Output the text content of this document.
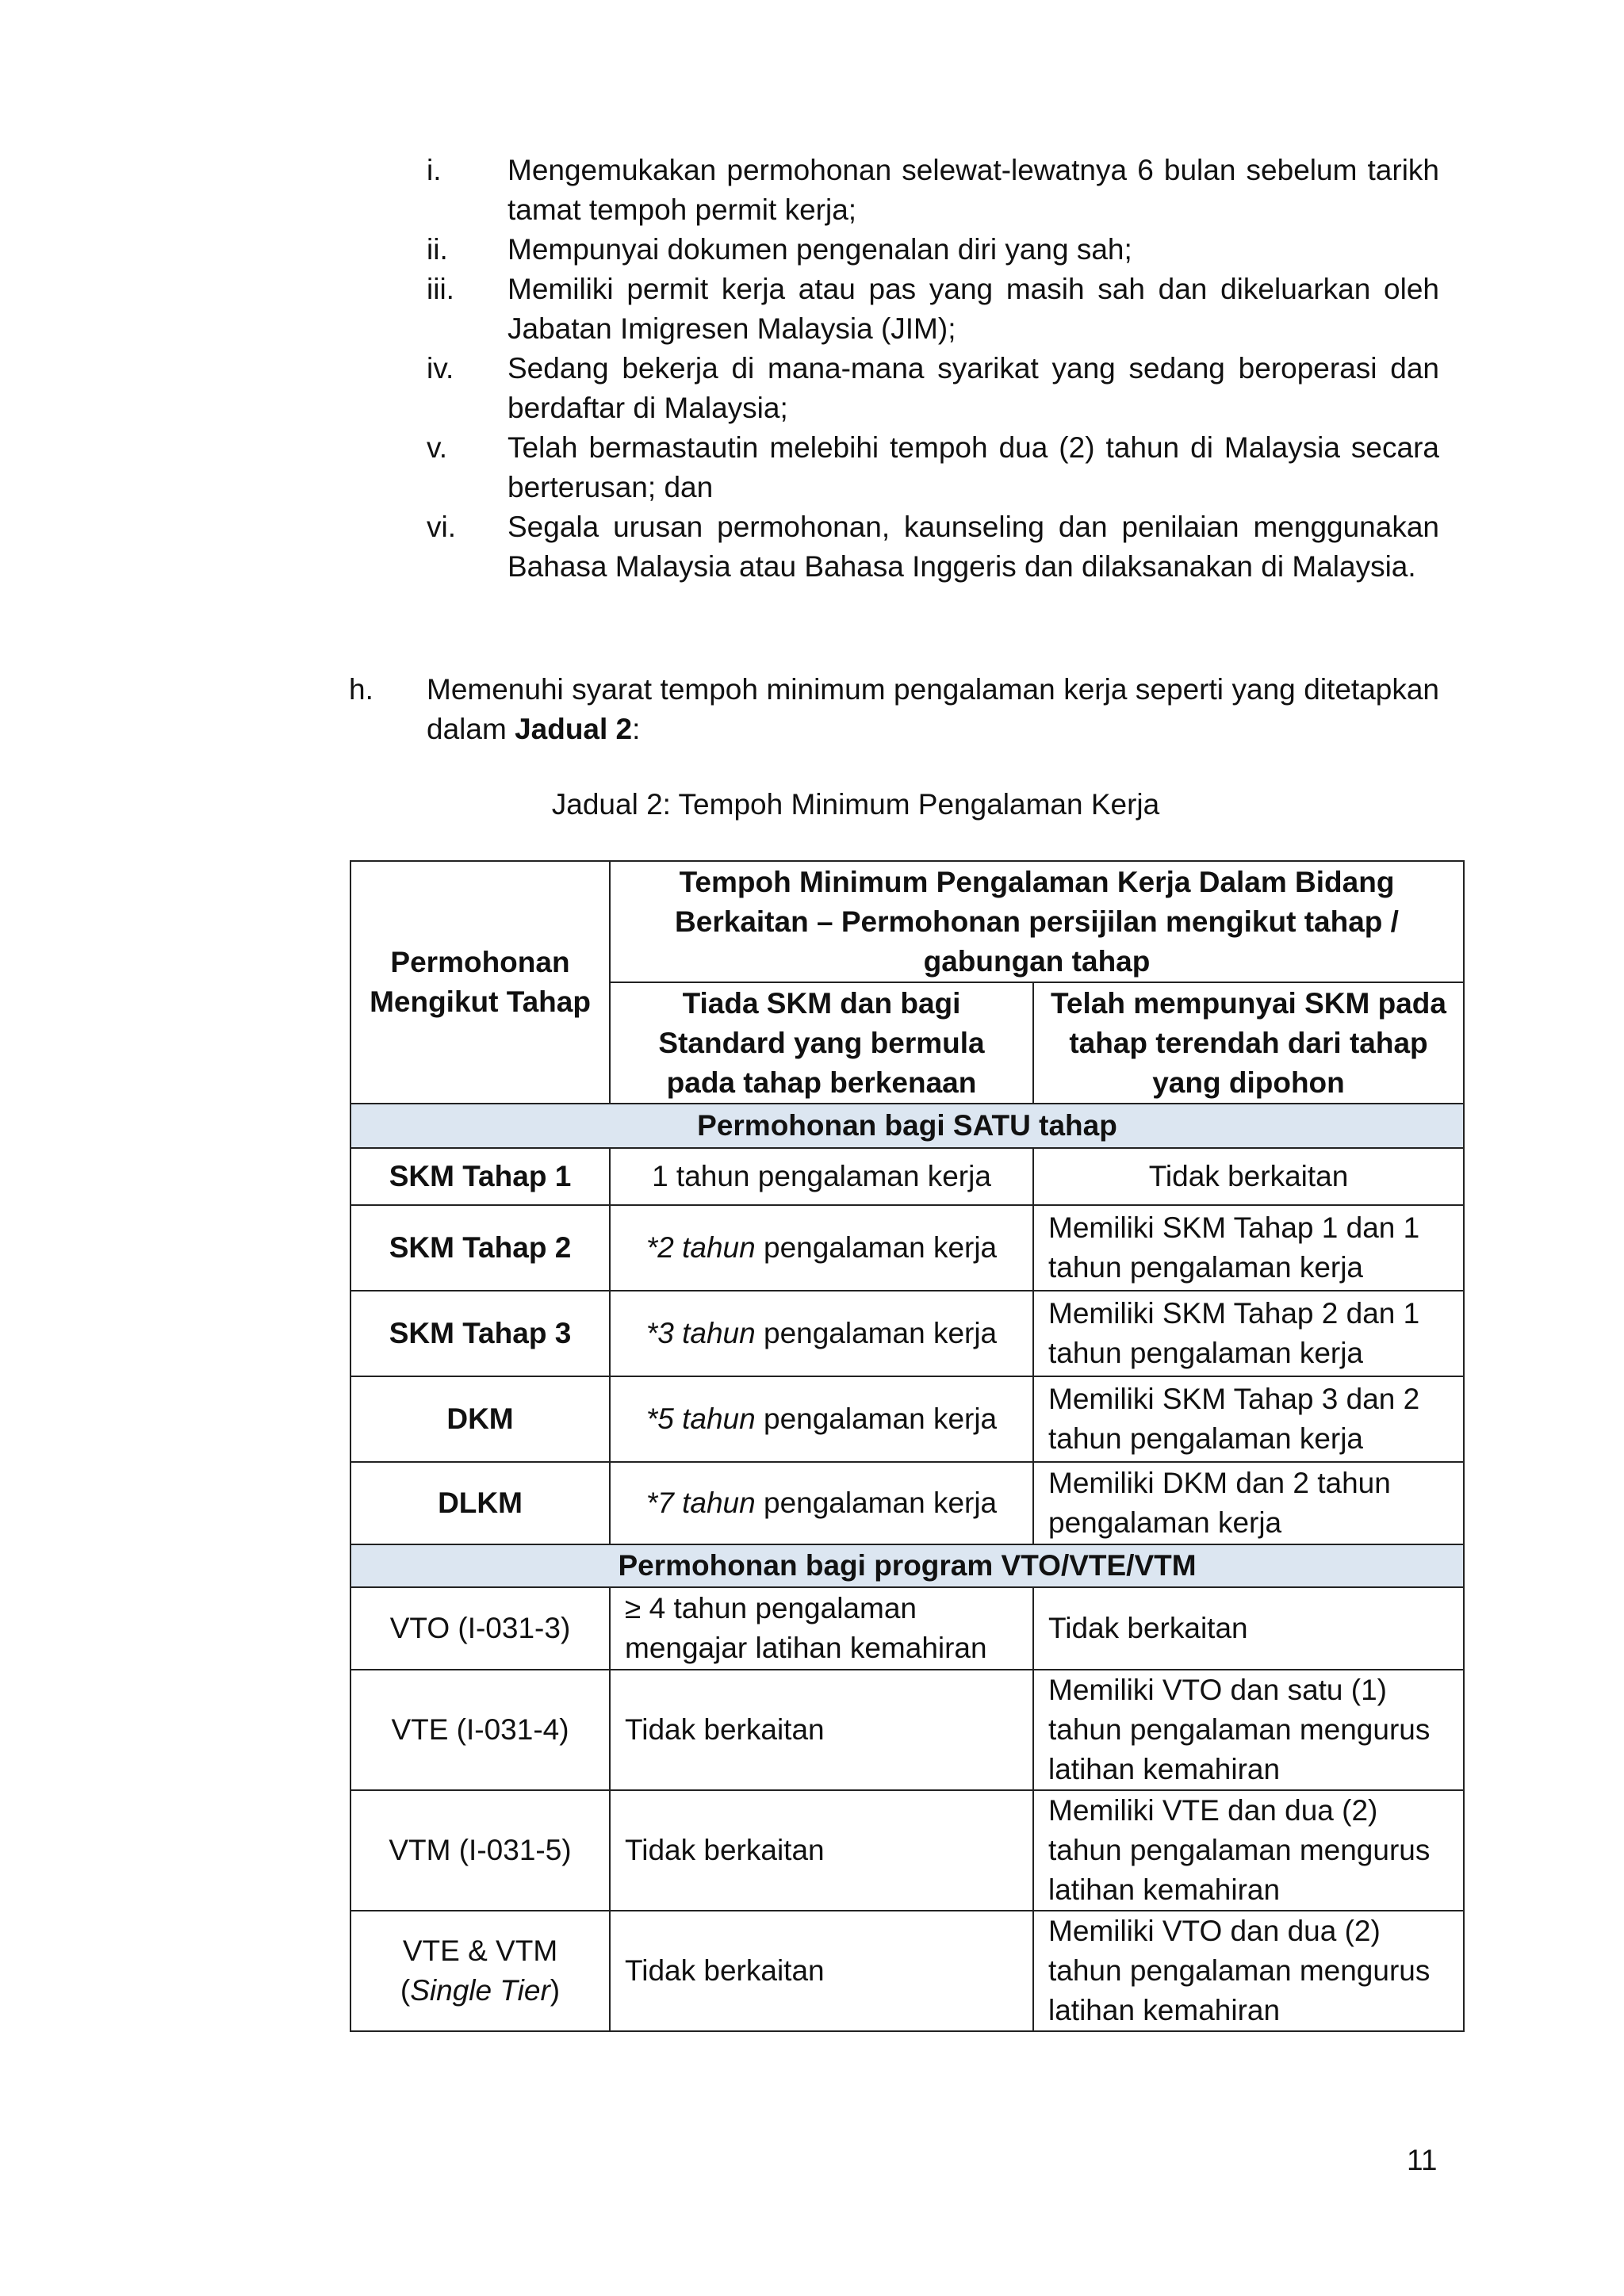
i.	Mengemukakan permohonan selewat-lewatnya 6 bulan sebelum tarikh tamat tempoh permit kerja;
ii.	Mempunyai dokumen pengenalan diri yang sah;
iii.	Memiliki permit kerja atau pas yang masih sah dan dikeluarkan oleh Jabatan Imigresen Malaysia (JIM);
iv.	Sedang bekerja di mana-mana syarikat yang sedang beroperasi dan berdaftar di Malaysia;
v.	Telah bermastautin melebihi tempoh dua (2) tahun di Malaysia secara berterusan; dan
vi.	Segala urusan permohonan, kaunseling dan penilaian menggunakan Bahasa Malaysia atau Bahasa Inggeris dan dilaksanakan di Malaysia.
h. Memenuhi syarat tempoh minimum pengalaman kerja seperti yang ditetapkan dalam Jadual 2:
Jadual 2: Tempoh Minimum Pengalaman Kerja
Permohonan Mengikut Tahap	Tempoh Minimum Pengalaman Kerja Dalam Bidang Berkaitan – Permohonan persijilan mengikut tahap / gabungan tahap	
	Tiada SKM dan bagi Standard yang bermula pada tahap berkenaan	Telah mempunyai SKM pada tahap terendah dari tahap yang dipohon
Permohonan bagi SATU tahap		
SKM Tahap 1	1 tahun pengalaman kerja	Tidak berkaitan
SKM Tahap 2	*2 tahun pengalaman kerja	Memiliki SKM Tahap 1 dan 1 tahun pengalaman kerja
SKM Tahap 3	*3 tahun pengalaman kerja	Memiliki SKM Tahap 2 dan 1 tahun pengalaman kerja
DKM	*5 tahun pengalaman kerja	Memiliki SKM Tahap 3 dan 2 tahun pengalaman kerja
DLKM	*7 tahun pengalaman kerja	Memiliki DKM dan 2 tahun pengalaman kerja
Permohonan bagi program VTO/VTE/VTM		
VTO (I-031-3)	≥ 4 tahun pengalaman mengajar latihan kemahiran	Tidak berkaitan
VTE (I-031-4)	Tidak berkaitan	Memiliki VTO dan satu (1) tahun pengalaman mengurus latihan kemahiran
VTM (I-031-5)	Tidak berkaitan	Memiliki VTE dan dua (2) tahun pengalaman mengurus latihan kemahiran
VTE & VTM (Single Tier)	Tidak berkaitan	Memiliki VTO dan dua (2) tahun pengalaman mengurus latihan kemahiran
11
